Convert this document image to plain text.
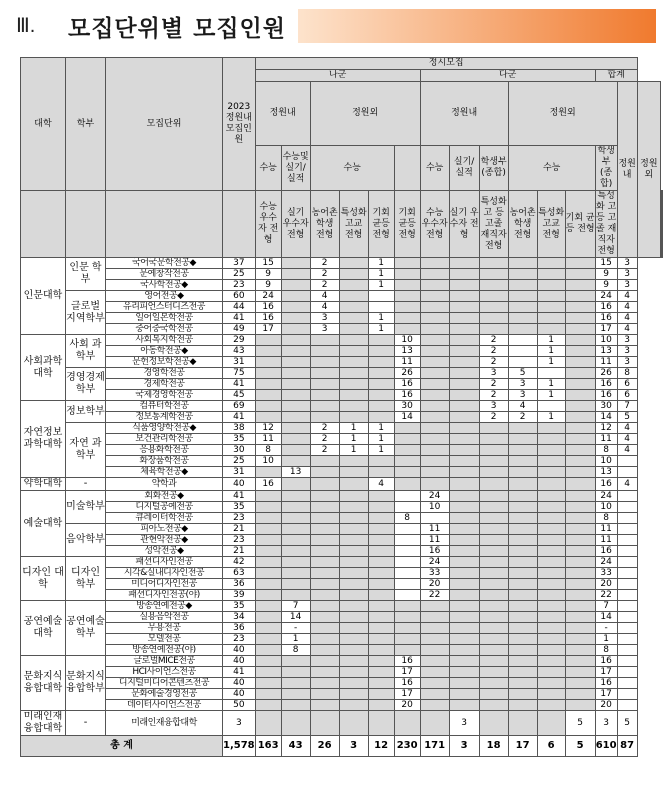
Ⅲ. 모집단위별 모집인원
대학	학부	모집단위	2023 정원내 모집인원	정시모집															
				나군						다군						합계			
				정원내		정원외				정원내			정원외				정원내	정원외	
				수능	수능및 실기/ 실적	수능				수능	실기/ 실적	학생부 (종합)	수능			학생부 (종합)			
				수능 우수자 전형	실기 우수자 전형	농어촌 학생 전형	특성화 고교 전형	기회 균등 전형	기회 균등 전형	수능 우수자 전형	실기 우수자 전형	특성화 고 등 고졸 재직자 전형	농어촌 학생 전형	특성화 고교 전형	기회 균등 전형	특성화 고 등 고졸 재직자 전형			
인문대학	인문 학부	국어국문학전공◆	37	15		2		1								15	3		
		문예창작전공	25	9		2		1								9	3		
		국사학전공◆	23	9		2		1								9	3		
	글로벌 지역학부	영어전공◆	60	24		4										24	4		
		유리피언스터디즈전공	44	16		4										16	4		
		일어일본학전공	41	16		3		1								16	4		
		중어중국학전공	49	17		3		1								17	4		
사회과학 대학	사회 과학부	사회복지학전공	29						10			2		1		10	3		
		아동학전공◆	43						13			2		1		13	3		
		문헌정보학전공◆	31						11			2		1		11	3		
	경영경제 학부	경영학전공	75						26			3	5			26	8		
		경제학전공	41						16			2	3	1		16	6		
		국제경영학전공	45						16			2	3	1		16	6		
자연정보 과학대학	정보학부	컴퓨터학전공	69						30			3	4			30	7		
		정보통계학전공	41						14			2	2	1		14	5		
	자연 과학부	식품영양학전공◆	38	12		2	1	1								12	4		
		보건관리학전공	35	11		2	1	1								11	4		
		응용화학전공	30	8		2	1	1								8	4		
		화장품학전공	25	10												10			
		체육학전공◆	31		13											13			
약학대학	-	약학과	40	16				4								16	4		
예술대학	미술학부	회화전공◆	41							24						24			
		디지털공예전공	35							10						10			
		큐레이터학전공	23						8							8			
	음악학부	피아노전공◆	21							11						11			
		관현악전공◆	23							11						11			
		성악전공◆	21							16						16			
디자인 대학	디자인 학부	패션디자인전공	42							24						24			
		시각&실내디자인전공	63							33						33			
		미디어디자인전공	36							20						20			
		패션디자인전공(야)	39							22						22			
공연예술 대학	공연예술 학부	방송연예전공◆	35		7											7			
		실용음악전공	34		14											14			
		무용전공	36		-											-			
		모델전공	23		1											1			
		방송연예전공(야)	40		8											8			
문화지식 융합대학	문화지식 융합학부	글로벌MICE전공	40						16							16			
		HCI사이언스전공	41						17							17			
		디지털미디어콘텐츠전공	40						16							16			
		문화예술경영전공	40						17							17			
		데이터사이언스전공	50						20							20			
미래인재 융합대학	-	미래인재융합대학	3								3				5	3	5		
총 계			1,578	163	43	26	3	12	230	171	3	18	17	6	5	610	87		
